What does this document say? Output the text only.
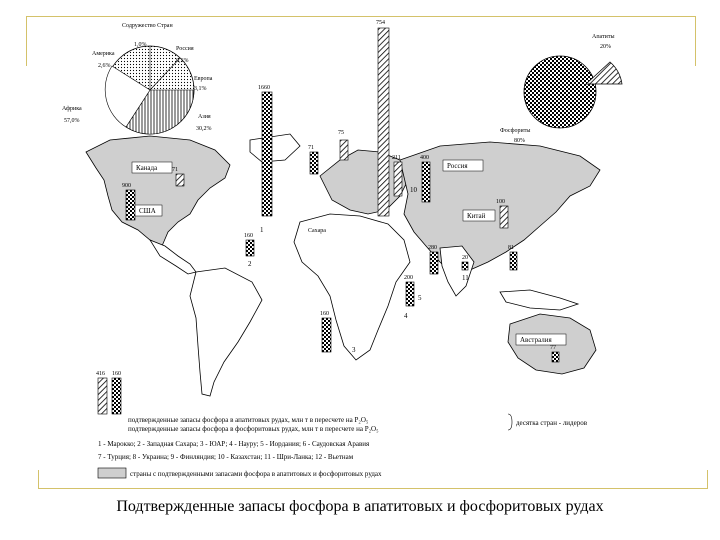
Содружество Стран
1,0%
Америка
2,6%
Россия
6,1%
Европа
3,1%
Азия
30,2%
Африка
57,0%
Апатиты
20%
Фосфориты
80%
Канада
США
Россия
Китай
Австралия
Сахара
1660
900
71
71
75
754
211	400
160
100
20
81
280
200
160
77
416 160
1
2
3
4
5
10
11
подтвержденные запасы фосфора в апатитовых рудах, млн т в пересчете на P₂O₅
подтвержденные запасы фосфора в фосфоритовых рудах, млн т в пересчете на P₂O₅
десятка стран - лидеров
1 - Марокко; 2 - Западная Сахара; 3 - ЮАР; 4 - Науру; 5 - Иордания; 6 - Саудовская Аравия
7 - Турция; 8 - Украина; 9 - Финляндия; 10 - Казахстан; 11 - Шри-Ланка; 12 - Вьетнам
страны с подтвержденными запасами фосфора в апатитовых и фосфоритовых рудах
Подтвержденные запасы фосфора в апатитовых и фосфоритовых рудах
